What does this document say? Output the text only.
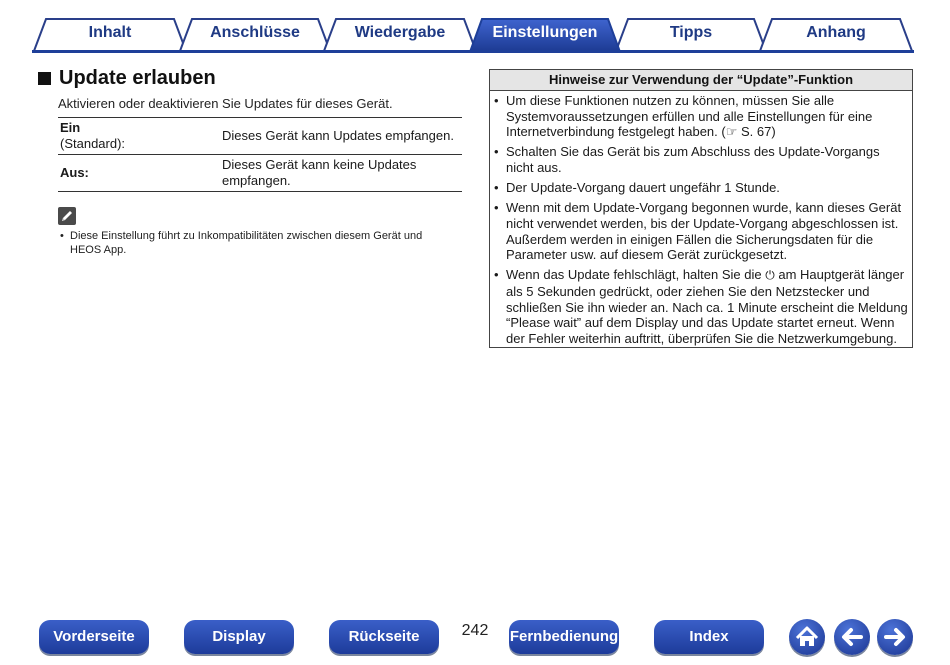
Inhalt	Anschlüsse	Wiedergabe	Einstellungen	Tipps	Anhang
Update erlauben
Aktivieren oder deaktivieren Sie Updates für dieses Gerät.
Ein
(Standard):	Dieses Gerät kann Updates empfangen.

Aus:	Dieses Gerät kann keine Updates empfangen.
• Diese Einstellung führt zu Inkompatibilitäten zwischen diesem Gerät und HEOS App.
Hinweise zur Verwendung der “Update”-Funktion
• Um diese Funktionen nutzen zu können, müssen Sie alle Systemvoraussetzungen erfüllen und alle Einstellungen für eine Internetverbindung festgelegt haben. (☞ S. 67)
• Schalten Sie das Gerät bis zum Abschluss des Update-Vorgangs nicht aus.
• Der Update-Vorgang dauert ungefähr 1 Stunde.
• Wenn mit dem Update-Vorgang begonnen wurde, kann dieses Gerät nicht verwendet werden, bis der Update-Vorgang abgeschlossen ist. Außerdem werden in einigen Fällen die Sicherungsdaten für die Parameter usw. auf diesem Gerät zurückgesetzt.
• Wenn das Update fehlschlägt, halten Sie die ⏻ am Hauptgerät länger als 5 Sekunden gedrückt, oder ziehen Sie den Netzstecker und schließen Sie ihn wieder an. Nach ca. 1 Minute erscheint die Meldung “Please wait” auf dem Display und das Update startet erneut. Wenn der Fehler weiterhin auftritt, überprüfen Sie die Netzwerkumgebung.
Vorderseite	Display	Rückseite	242	Fernbedienung	Index
